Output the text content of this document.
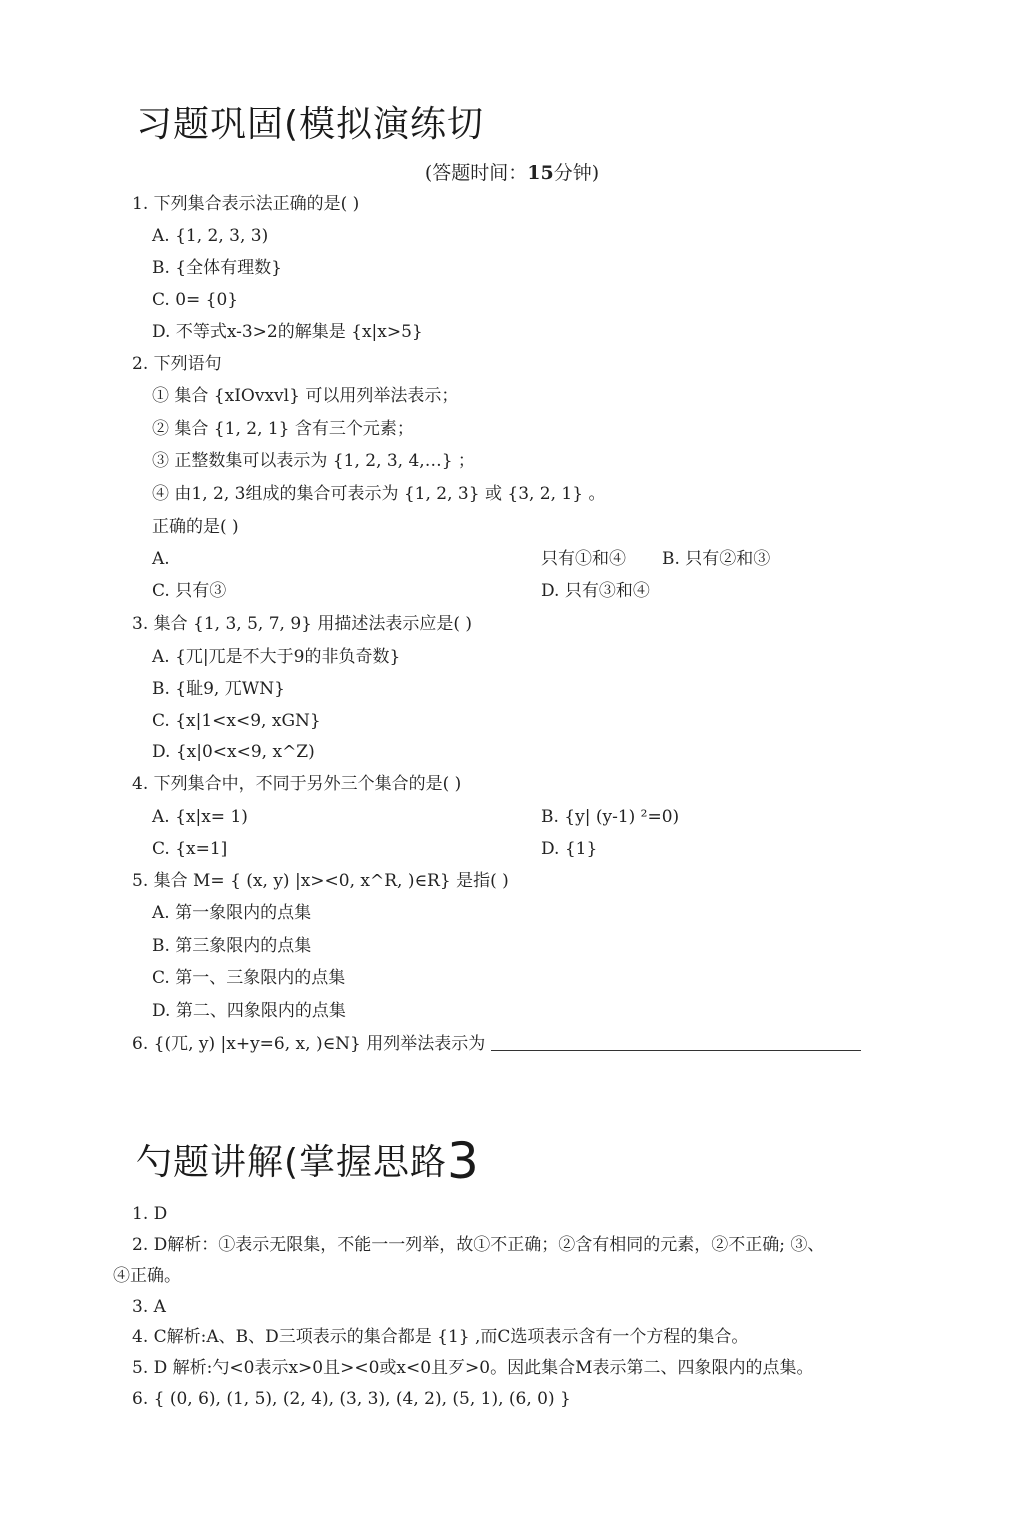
习题巩固(模拟演练切
(答题时间：15分钟)
1. 下列集合表示法正确的是( )
A. {1, 2, 3, 3)
B. {全体有理数}
C. 0= {0}
D. 不等式x-3>2的解集是 {x|x>5}
2. 下列语句
① 集合 {xIOvxvl} 可以用列举法表示；
② 集合 {1, 2, 1} 含有三个元素；
③ 正整数集可以表示为 {1, 2, 3, 4,…} ；
④ 由1, 2, 3组成的集合可表示为 {1, 2, 3} 或 {3, 2, 1} 。
正确的是( )
A.	只有①和④ B. 只有②和③
C. 只有③	D. 只有③和④
3. 集合 {1, 3, 5, 7, 9} 用描述法表示应是( )
A. {兀|兀是不大于9的非负奇数}
B. {耻9, 兀WN}
C. {x|1<x<9, xGN}
D. {x|0<x<9, x^Z)
4. 下列集合中，不同于另外三个集合的是( )
A. {x|x= 1)	B. {y| (y-1) ²=0)
C. {x=1]	D. {1}
5. 集合 M= { (x, y) |x><0, x^R, )∈R} 是指( )
A. 第一象限内的点集
B. 第三象限内的点集
C. 第一、三象限内的点集
D. 第二、四象限内的点集
6. {(兀, y) |x+y=6, x, )∈N} 用列举法表示为
勺题讲解(掌握思路3
1. D
2. D解析：①表示无限集，不能一一列举，故①不正确；②含有相同的元素，②不正确; ③、
④正确。
3. A
4. C解析:A、B、D三项表示的集合都是 {1} ,而C选项表示含有一个方程的集合。
5. D 解析:勺<0表示x>0且><0或x<0且歹>0。因此集合M表示第二、四象限内的点集。
6. { (0, 6), (1, 5), (2, 4), (3, 3), (4, 2), (5, 1), (6, 0) }
